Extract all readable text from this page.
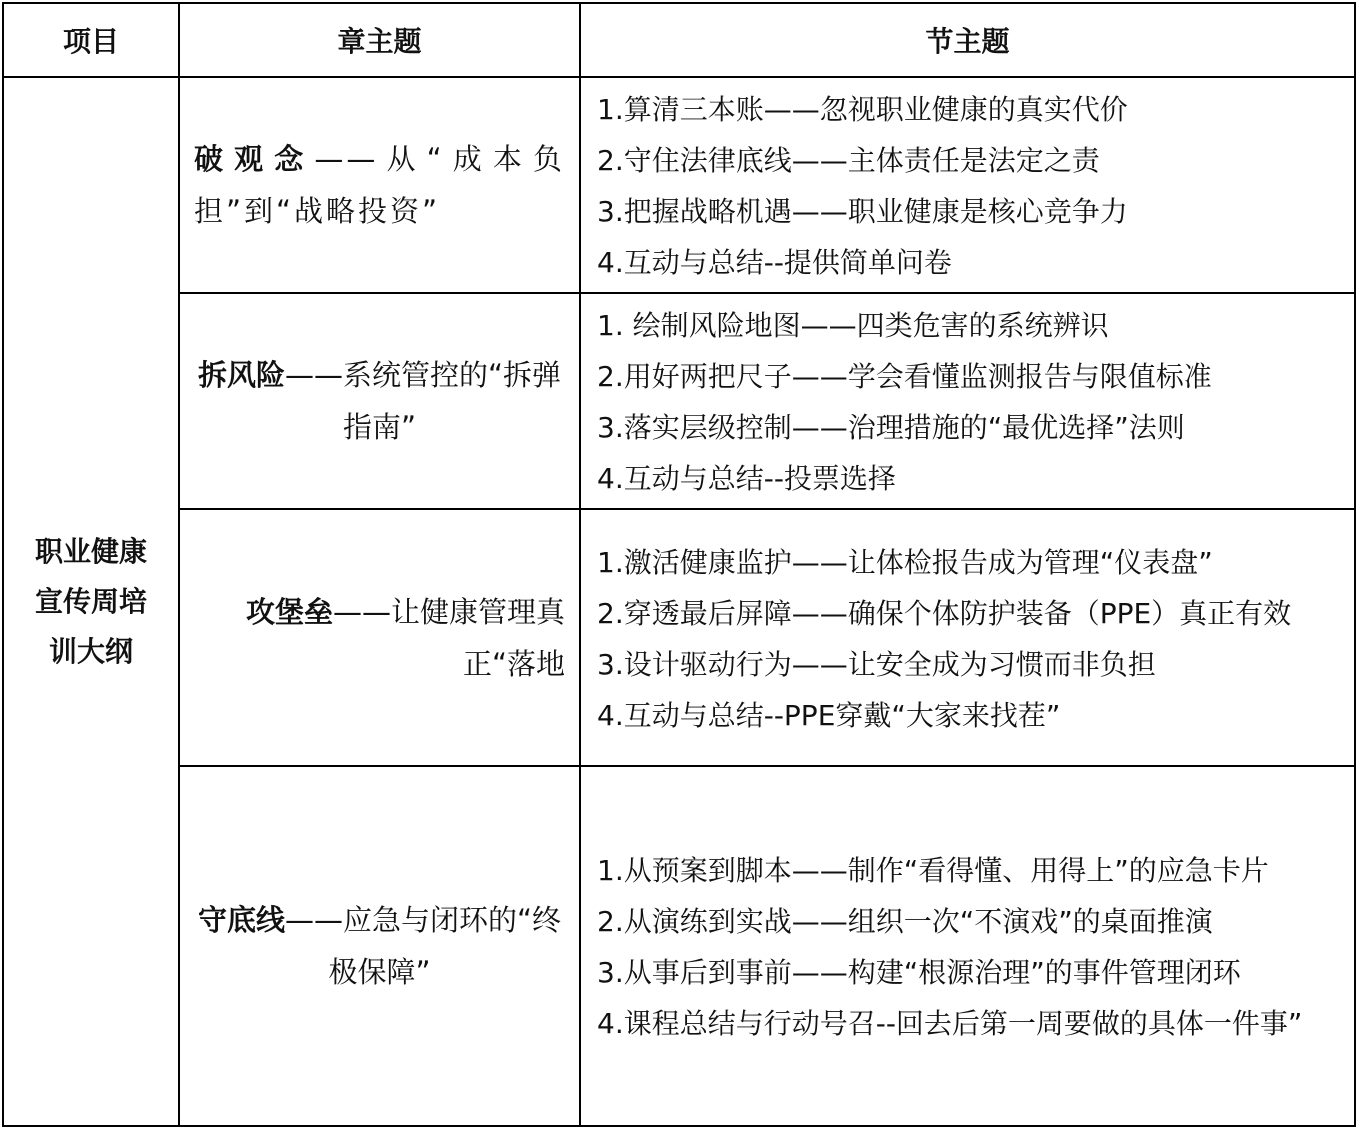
项目	章主题	节主题
职业健康宣传周培训大纲	破观念——从“成本负担”到“战略投资”	1.算清三本账——忽视职业健康的真实代价
2.守住法律底线——主体责任是法定之责
3.把握战略机遇——职业健康是核心竞争力
4.互动与总结--提供简单问卷

	拆风险——系统管控的“拆弹指南”	1. 绘制风险地图——四类危害的系统辨识
2.用好两把尺子——学会看懂监测报告与限值标准
3.落实层级控制——治理措施的“最优选择”法则
4.互动与总结--投票选择

	攻堡垒——让健康管理真正“落地	1.激活健康监护——让体检报告成为管理“仪表盘”
2.穿透最后屏障——确保个体防护装备（PPE）真正有效
3.设计驱动行为——让安全成为习惯而非负担
4.互动与总结--PPE穿戴“大家来找茬”

	守底线——应急与闭环的“终极保障”	1.从预案到脚本——制作“看得懂、用得上”的应急卡片
2.从演练到实战——组织一次“不演戏”的桌面推演
3.从事后到事前——构建“根源治理”的事件管理闭环
4.课程总结与行动号召--回去后第一周要做的具体一件事”
